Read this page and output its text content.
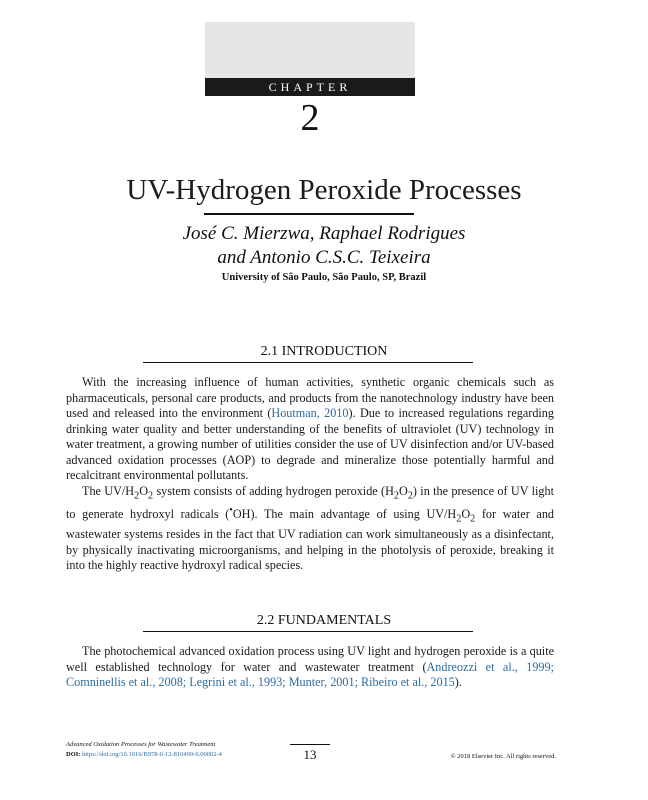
CHAPTER
2
UV-Hydrogen Peroxide Processes
José C. Mierzwa, Raphael Rodrigues
and Antonio C.S.C. Teixeira
University of São Paulo, São Paulo, SP, Brazil
2.1 INTRODUCTION

With the increasing influence of human activities, synthetic organic chemicals such as pharmaceuticals, personal care products, and products from the nanotechnology industry have been used and released into the environment (Houtman, 2010). Due to increased regulations regarding drinking water quality and better understanding of the benefits of ultraviolet (UV) technology in water treatment, a growing number of utilities consider the use of UV disinfection and/or UV-based advanced oxidation processes (AOP) to degrade and mineralize those potentially harmful and recalcitrant environmental pollutants.

The $UV/H_2O_2$ system consists of adding hydrogen peroxide $(H_2O_2)$ in the presence of UV light to generate hydroxyl radicals (•OH). The main advantage of using $UV/H_2O_2$ for water and wastewater systems resides in the fact that UV radiation can work simultaneously as a disinfectant, by physically inactivating microorganisms, and helping in the photolysis of peroxide, breaking it into the highly reactive hydroxyl radical species.

2.2 FUNDAMENTALS

The photochemical advanced oxidation process using UV light and hydrogen peroxide is a quite well established technology for water and wastewater treatment (Andreozzi et al., 1999; Comninellis et al., 2008; Legrini et al., 1993; Munter, 2001; Ribeiro et al., 2015).

Advanced Oxidation Processes for Wastewater Treatment
DOI: https://doi.org/10.1016/B978-0-12-810499-6.00002-4	13	© 2018 Elsevier Inc. All rights reserved.
